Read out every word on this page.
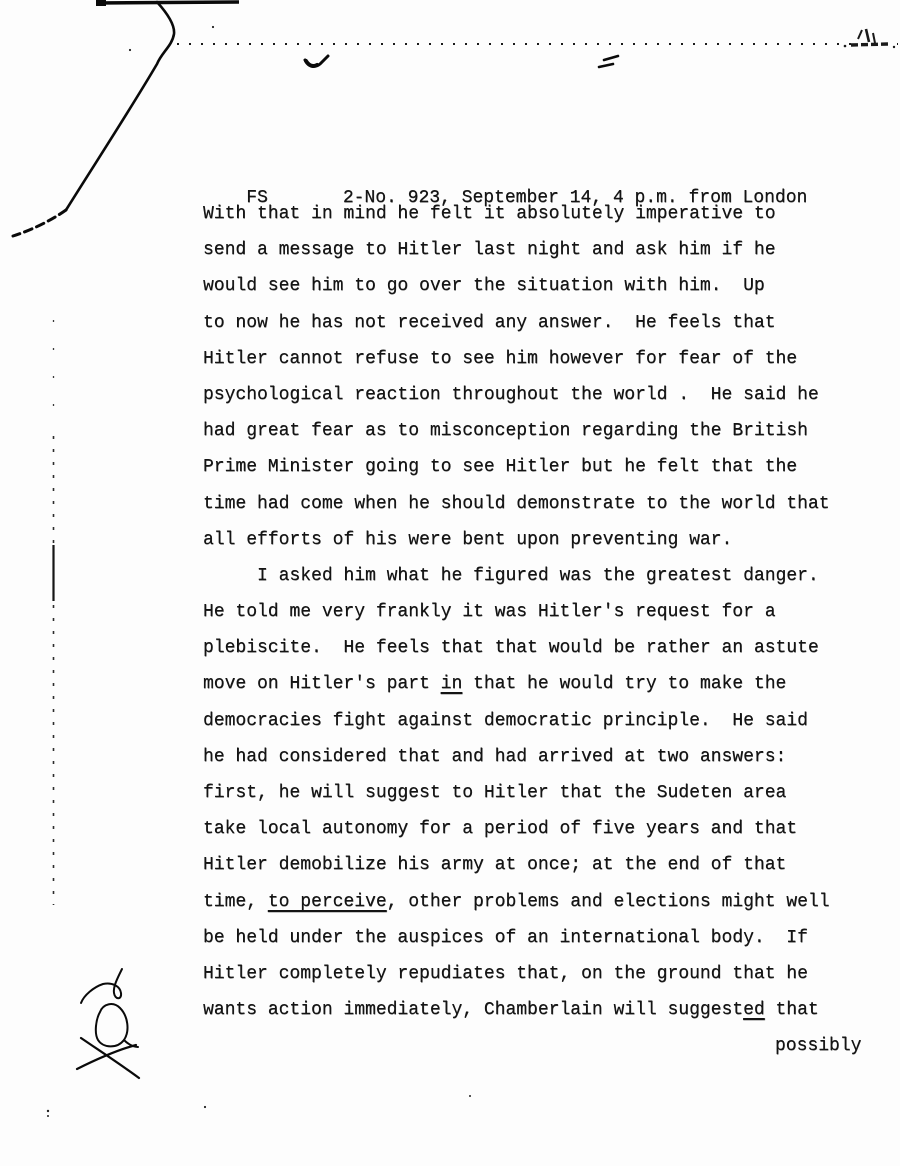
FS	2-No. 923, September 14, 4 p.m. from London

With that in mind he felt it absolutely imperative to
send a message to Hitler last night and ask him if he
would see him to go over the situation with him.  Up
to now he has not received any answer.  He feels that
Hitler cannot refuse to see him however for fear of the
psychological reaction throughout the world .  He said he
had great fear as to misconception regarding the British
Prime Minister going to see Hitler but he felt that the
time had come when he should demonstrate to the world that
all efforts of his were bent upon preventing war.
I asked him what he figured was the greatest danger.
He told me very frankly it was Hitler's request for a
plebiscite.  He feels that that would be rather an astute
move on Hitler's part in that he would try to make the
democracies fight against democratic principle.  He said
he had considered that and had arrived at two answers:
first, he will suggest to Hitler that the Sudeten area
take local autonomy for a period of five years and that
Hitler demobilize his army at once; at the end of that
time, to perceive, other problems and elections might well
be held under the auspices of an international body.  If
Hitler completely repudiates that, on the ground that he
wants action immediately, Chamberlain will suggested that
possibly
